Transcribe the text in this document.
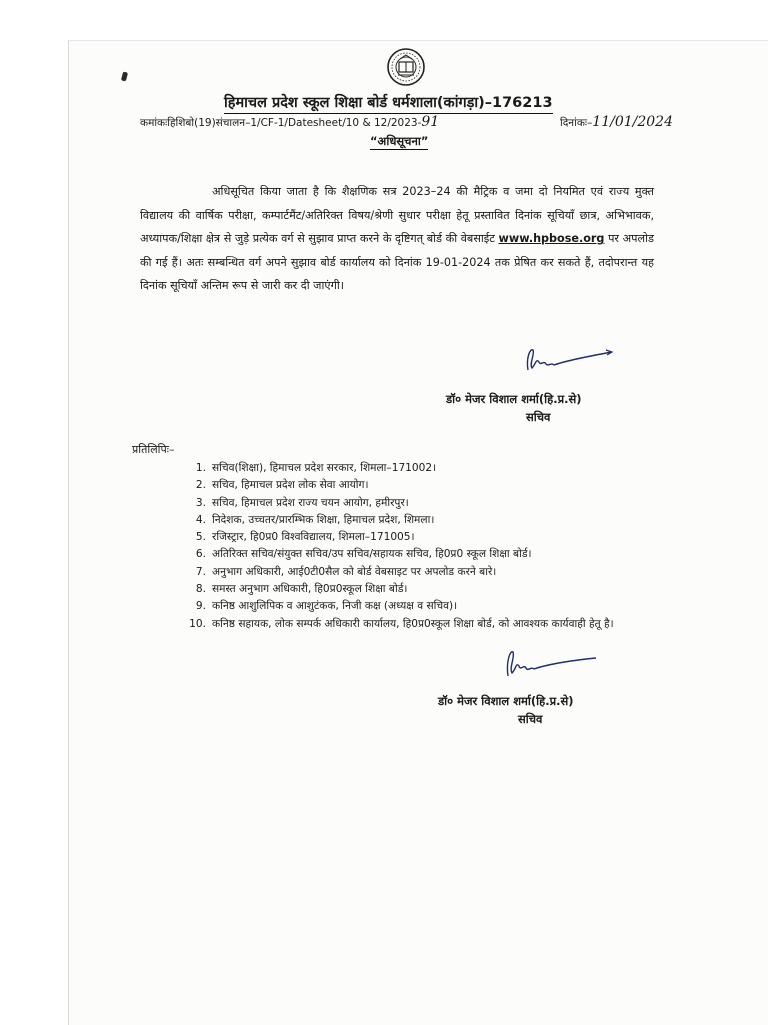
हिमाचल प्रदेश स्कूल शिक्षा बोर्ड धर्मशाला(कांगड़ा)–176213
कमांकःहिशिबो(19)संचालन–1/CF-1/Datesheet/10 & 12/2023-91	दिनांकः–11/01/2024
“अधिसूचना”
अधिसूचित किया जाता है कि शैक्षणिक सत्र 2023–24 की मैट्रिक व जमा दो नियमित एवं राज्य मुक्त विद्यालय की वार्षिक परीक्षा, कम्पार्टमैंट/अतिरिक्त विषय/श्रेणी सुधार परीक्षा हेतू प्रस्तावित दिनांक सूचियाँ छात्र, अभिभावक, अध्यापक/शिक्षा क्षेत्र से जुड़े प्रत्येक वर्ग से सुझाव प्राप्त करने के दृष्टिगत् बोर्ड की वेबसाईट www.hpbose.org पर अपलोड की गई हैं। अतः सम्बन्धित वर्ग अपने सुझाव बोर्ड कार्यालय को दिनांक 19-01-2024 तक प्रेषित कर सकते हैं, तदोपरान्त यह दिनांक सूचियाँ अन्तिम रूप से जारी कर दी जाएंगी।
डॉ० मेजर विशाल शर्मा(हि.प्र.से)
सचिव
प्रतिलिपिः–
1. सचिव(शिक्षा), हिमाचल प्रदेश सरकार, शिमला–171002।
2. सचिव, हिमाचल प्रदेश लोक सेवा आयोग।
3. सचिव, हिमाचल प्रदेश राज्य चयन आयोग, हमीरपुर।
4. निदेशक, उच्चतर/प्रारम्भिक शिक्षा, हिमाचल प्रदेश, शिमला।
5. रजिस्ट्रार, हि0प्र0 विश्वविद्यालय, शिमला–171005।
6. अतिरिक्त सचिव/संयुक्त सचिव/उप सचिव/सहायक सचिव, हि0प्र0 स्कूल शिक्षा बोर्ड।
7. अनुभाग अधिकारी, आई0टी0सैल को बोर्ड वेबसाइट पर अपलोड करने बारे।
8. समस्त अनुभाग अधिकारी, हि0प्र0स्कूल शिक्षा बोर्ड।
9. कनिष्ठ आशुलिपिक व आशुटंकक, निजी कक्ष (अध्यक्ष व सचिव)।
10. कनिष्ठ सहायक, लोक सम्पर्क अधिकारी कार्यालय, हि0प्र0स्कूल शिक्षा बोर्ड, को आवश्यक कार्यवाही हेतू है।
डॉ० मेजर विशाल शर्मा(हि.प्र.से)
सचिव
